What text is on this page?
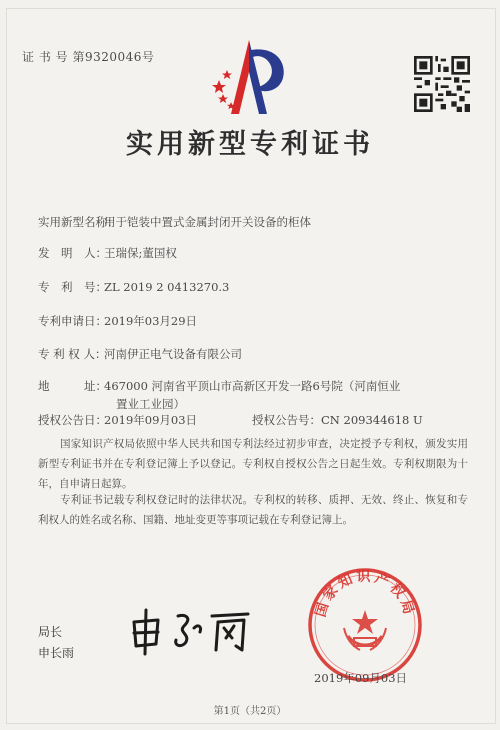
证 书 号 第9320046号
实用新型专利证书
实用新型名称：用于铠装中置式金属封闭开关设备的柜体
发　明　人：王瑞保;董国权
专　利　号：ZL 2019 2 0413270.3
专利申请日：2019年03月29日
专 利 权 人：河南伊正电气设备有限公司
地　　　址：467000 河南省平顶山市高新区开发一路6号院（河南恒业
置业工业园）
授权公告日：2019年09月03日	授权公告号：CN 209344618 U
国家知识产权局依照中华人民共和国专利法经过初步审查，决定授予专利权，颁发实用新型专利证书并在专利登记簿上予以登记。专利权自授权公告之日起生效。专利权期限为十年，自申请日起算。
专利证书记载专利权登记时的法律状况。专利权的转移、质押、无效、终止、恢复和专利权人的姓名或名称、国籍、地址变更等事项记载在专利登记簿上。
局长
申长雨
国家知识产权局
2019年09月03日
第1页（共2页）
